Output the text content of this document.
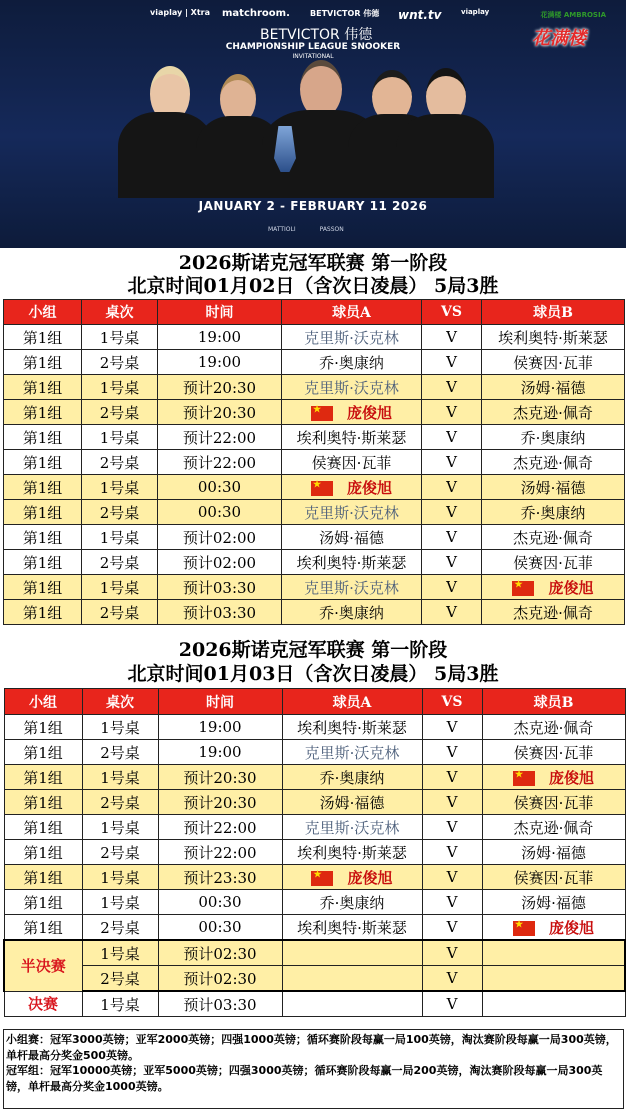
viaplay | Xtra matchroom.	BETVICTOR 伟德 wnt.tv	viaplay
BETVICTOR 伟德
CHAMPIONSHIP LEAGUE SNOOKER
INVITATIONAL
花满楼 AMBROSIA
花满楼
JANUARY 2 - FEBRUARY 11 2026
MATTIOLI	PASSON
2026斯诺克冠军联赛 第一阶段
北京时间01月02日（含次日凌晨） 5局3胜
小组	桌次	时间	球员A	VS	球员B
第1组	1号桌	19:00	克里斯·沃克林	V	埃利奥特·斯莱瑟
第1组	2号桌	19:00	乔·奥康纳	V	侯赛因·瓦菲
第1组	1号桌	预计20:30	克里斯·沃克林	V	汤姆·福德
第1组	2号桌	预计20:30	★庞俊旭	V	杰克逊·佩奇
第1组	1号桌	预计22:00	埃利奥特·斯莱瑟	V	乔·奥康纳
第1组	2号桌	预计22:00	侯赛因·瓦菲	V	杰克逊·佩奇
第1组	1号桌	00:30	★庞俊旭	V	汤姆·福德
第1组	2号桌	00:30	克里斯·沃克林	V	乔·奥康纳
第1组	1号桌	预计02:00	汤姆·福德	V	杰克逊·佩奇
第1组	2号桌	预计02:00	埃利奥特·斯莱瑟	V	侯赛因·瓦菲
第1组	1号桌	预计03:30	克里斯·沃克林	V	★庞俊旭
第1组	2号桌	预计03:30	乔·奥康纳	V	杰克逊·佩奇
2026斯诺克冠军联赛 第一阶段
北京时间01月03日（含次日凌晨） 5局3胜
小组	桌次	时间	球员A	VS	球员B
第1组	1号桌	19:00	埃利奥特·斯莱瑟	V	杰克逊·佩奇
第1组	2号桌	19:00	克里斯·沃克林	V	侯赛因·瓦菲
第1组	1号桌	预计20:30	乔·奥康纳	V	★庞俊旭
第1组	2号桌	预计20:30	汤姆·福德	V	侯赛因·瓦菲
第1组	1号桌	预计22:00	克里斯·沃克林	V	杰克逊·佩奇
第1组	2号桌	预计22:00	埃利奥特·斯莱瑟	V	汤姆·福德
第1组	1号桌	预计23:30	★庞俊旭	V	侯赛因·瓦菲
第1组	1号桌	00:30	乔·奥康纳	V	汤姆·福德
第1组	2号桌	00:30	埃利奥特·斯莱瑟	V	★庞俊旭
半决赛	1号桌	预计02:30		V	
	2号桌	预计02:30		V	
决赛	1号桌	预计03:30		V	
小组赛：冠军3000英镑；亚军2000英镑；四强1000英镑；循环赛阶段每赢一局100英镑，淘汰赛阶段每赢一局300英镑，单杆最高分奖金500英镑。
冠军组：冠军10000英镑；亚军5000英镑；四强3000英镑；循环赛阶段每赢一局200英镑，淘汰赛阶段每赢一局300英镑，单杆最高分奖金1000英镑。
